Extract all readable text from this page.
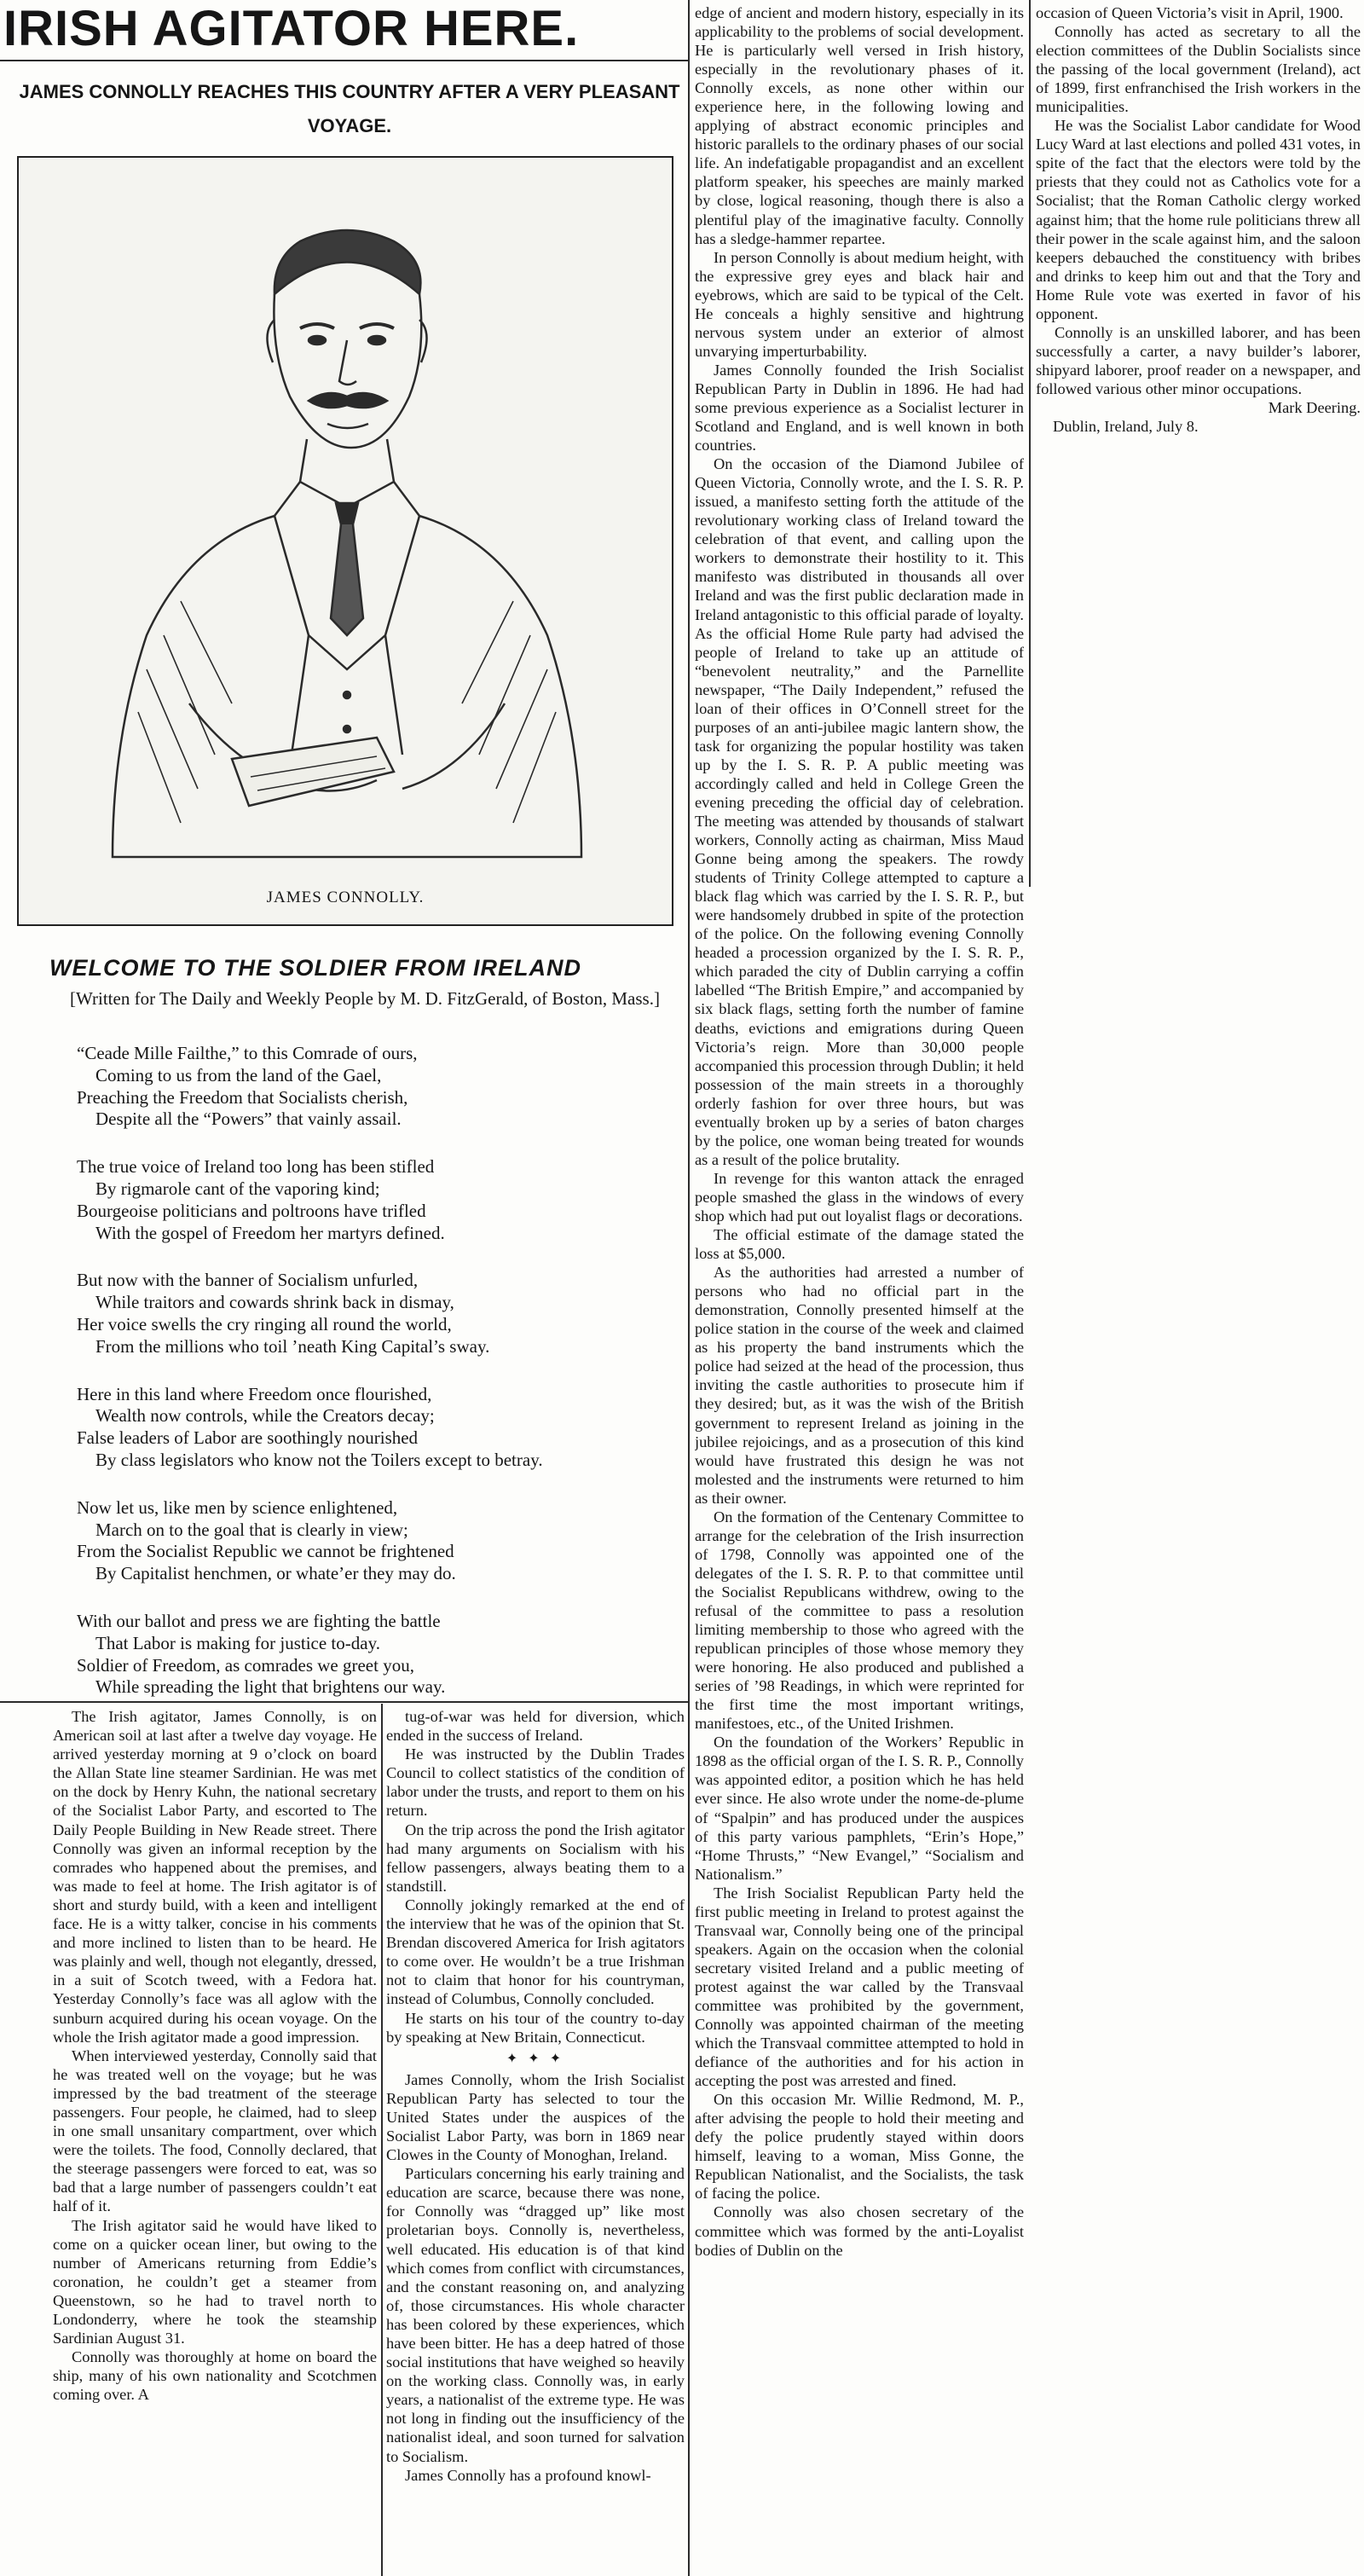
IRISH AGITATOR HERE.
JAMES CONNOLLY REACHES THIS COUNTRY AFTER A VERY PLEASANT VOYAGE.
JAMES CONNOLLY.
WELCOME TO THE SOLDIER FROM IRELAND
[Written for The Daily and Weekly People by M. D. FitzGerald, of Boston, Mass.]
“Ceade Mille Failthe,” to this Comrade of ours,
Coming to us from the land of the Gael,
Preaching the Freedom that Socialists cherish,
Despite all the “Powers” that vainly assail.
The true voice of Ireland too long has been stifled
By rigmarole cant of the vaporing kind;
Bourgeoise politicians and poltroons have trifled
With the gospel of Freedom her martyrs defined.
But now with the banner of Socialism unfurled,
While traitors and cowards shrink back in dismay,
Her voice swells the cry ringing all round the world,
From the millions who toil ’neath King Capital’s sway.
Here in this land where Freedom once flourished,
Wealth now controls, while the Creators decay;
False leaders of Labor are soothingly nourished
By class legislators who know not the Toilers except to betray.
Now let us, like men by science enlightened,
March on to the goal that is clearly in view;
From the Socialist Republic we cannot be frightened
By Capitalist henchmen, or whate’er they may do.
With our ballot and press we are fighting the battle
That Labor is making for justice to-day.
Soldier of Freedom, as comrades we greet you,
While spreading the light that brightens our way.

The Irish agitator, James Connolly, is on American soil at last after a twelve day voyage. He arrived yesterday morning at 9 o’clock on board the Allan State line steamer Sardinian. He was met on the dock by Henry Kuhn, the national secretary of the Socialist Labor Party, and escorted to The Daily People Building in New Reade street. There Connolly was given an informal reception by the comrades who happened about the premises, and was made to feel at home. The Irish agitator is of short and sturdy build, with a keen and intelligent face. He is a witty talker, concise in his comments and more inclined to listen than to be heard. He was plainly and well, though not elegantly, dressed, in a suit of Scotch tweed, with a Fedora hat. Yesterday Connolly’s face was all aglow with the sunburn acquired during his ocean voyage. On the whole the Irish agitator made a good impression.

When interviewed yesterday, Connolly said that he was treated well on the voyage; but he was impressed by the bad treatment of the steerage passengers. Four people, he claimed, had to sleep in one small unsanitary compartment, over which were the toilets. The food, Connolly declared, that the steerage passengers were forced to eat, was so bad that a large number of passengers couldn’t eat half of it.

The Irish agitator said he would have liked to come on a quicker ocean liner, but owing to the number of Americans returning from Eddie’s coronation, he couldn’t get a steamer from Queenstown, so he had to travel north to Londonderry, where he took the steamship Sardinian August 31.

Connolly was thoroughly at home on board the ship, many of his own nationality and Scotchmen coming over. A

tug-of-war was held for diversion, which ended in the success of Ireland.

He was instructed by the Dublin Trades Council to collect statistics of the condition of labor under the trusts, and report to them on his return.

On the trip across the pond the Irish agitator had many arguments on Socialism with his fellow passengers, always beating them to a standstill.

Connolly jokingly remarked at the end of the interview that he was of the opinion that St. Brendan discovered America for Irish agitators to come over. He wouldn’t be a true Irishman not to claim that honor for his countryman, instead of Columbus, Connolly concluded.

He starts on his tour of the country to-day by speaking at New Britain, Connecticut.

✦ ✦ ✦

James Connolly, whom the Irish Socialist Republican Party has selected to tour the United States under the auspices of the Socialist Labor Party, was born in 1869 near Clowes in the County of Monoghan, Ireland.

Particulars concerning his early training and education are scarce, because there was none, for Connolly was “dragged up” like most proletarian boys. Connolly is, nevertheless, well educated. His education is of that kind which comes from conflict with circumstances, and the constant reasoning on, and analyzing of, those circumstances. His whole character has been colored by these experiences, which have been bitter. He has a deep hatred of those social institutions that have weighed so heavily on the working class. Connolly was, in early years, a nationalist of the extreme type. He was not long in finding out the insufficiency of the nationalist ideal, and soon turned for salvation to Socialism.

James Connolly has a profound knowl-

edge of ancient and modern history, especially in its applicability to the problems of social development. He is particularly well versed in Irish history, especially in the revolutionary phases of it. Connolly excels, as none other within our experience here, in the following lowing and applying of abstract economic principles and historic parallels to the ordinary phases of our social life. An indefatigable propagandist and an excellent platform speaker, his speeches are mainly marked by close, logical reasoning, though there is also a plentiful play of the imaginative faculty. Connolly has a sledge-hammer repartee.

In person Connolly is about medium height, with the expressive grey eyes and black hair and eyebrows, which are said to be typical of the Celt. He conceals a highly sensitive and hightrung nervous system under an exterior of almost unvarying imperturbability.

James Connolly founded the Irish Socialist Republican Party in Dublin in 1896. He had had some previous experience as a Socialist lecturer in Scotland and England, and is well known in both countries.

On the occasion of the Diamond Jubilee of Queen Victoria, Connolly wrote, and the I. S. R. P. issued, a manifesto setting forth the attitude of the revolutionary working class of Ireland toward the celebration of that event, and calling upon the workers to demonstrate their hostility to it. This manifesto was distributed in thousands all over Ireland and was the first public declaration made in Ireland antagonistic to this official parade of loyalty. As the official Home Rule party had advised the people of Ireland to take up an attitude of “benevolent neutrality,” and the Parnellite newspaper, “The Daily Independent,” refused the loan of their offices in O’Connell street for the purposes of an anti-jubilee magic lantern show, the task for organizing the popular hostility was taken up by the I. S. R. P. A public meeting was accordingly called and held in College Green the evening preceding the official day of celebration. The meeting was attended by thousands of stalwart workers, Connolly acting as chairman, Miss Maud Gonne being among the speakers. The rowdy students of Trinity College attempted to capture a black flag which was carried by the I. S. R. P., but were handsomely drubbed in spite of the protection of the police. On the following evening Connolly headed a procession organized by the I. S. R. P., which paraded the city of Dublin carrying a coffin labelled “The British Empire,” and accompanied by six black flags, setting forth the number of famine deaths, evictions and emigrations during Queen Victoria’s reign. More than 30,000 people accompanied this procession through Dublin; it held possession of the main streets in a thoroughly orderly fashion for over three hours, but was eventually broken up by a series of baton charges by the police, one woman being treated for wounds as a result of the police brutality.

In revenge for this wanton attack the enraged people smashed the glass in the windows of every shop which had put out loyalist flags or decorations.

The official estimate of the damage stated the loss at $5,000.

As the authorities had arrested a number of persons who had no official part in the demonstration, Connolly presented himself at the police station in the course of the week and claimed as his property the band instruments which the police had seized at the head of the procession, thus inviting the castle authorities to prosecute him if they desired; but, as it was the wish of the British government to represent Ireland as joining in the jubilee rejoicings, and as a prosecution of this kind would have frustrated this design he was not molested and the instruments were returned to him as their owner.

On the formation of the Centenary Committee to arrange for the celebration of the Irish insurrection of 1798, Connolly was appointed one of the delegates of the I. S. R. P. to that committee until the Socialist Republicans withdrew, owing to the refusal of the committee to pass a resolution limiting membership to those who agreed with the republican principles of those whose memory they were honoring. He also produced and published a series of ’98 Readings, in which were reprinted for the first time the most important writings, manifestoes, etc., of the United Irishmen.

On the foundation of the Workers’ Republic in 1898 as the official organ of the I. S. R. P., Connolly was appointed editor, a position which he has held ever since. He also wrote under the nome-de-plume of “Spalpin” and has produced under the auspices of this party various pamphlets, “Erin’s Hope,” “Home Thrusts,” “New Evangel,” “Socialism and Nationalism.”

The Irish Socialist Republican Party held the first public meeting in Ireland to protest against the Transvaal war, Connolly being one of the principal speakers. Again on the occasion when the colonial secretary visited Ireland and a public meeting of protest against the war called by the Transvaal committee was prohibited by the government, Connolly was appointed chairman of the meeting which the Transvaal committee attempted to hold in defiance of the authorities and for his action in accepting the post was arrested and fined.

On this occasion Mr. Willie Redmond, M. P., after advising the people to hold their meeting and defy the police prudently stayed within doors himself, leaving to a woman, Miss Gonne, the Republican Nationalist, and the Socialists, the task of facing the police.

Connolly was also chosen secretary of the committee which was formed by the anti-Loyalist bodies of Dublin on the

occasion of Queen Victoria’s visit in April, 1900.

Connolly has acted as secretary to all the election committees of the Dublin Socialists since the passing of the local government (Ireland), act of 1899, first enfranchised the Irish workers in the municipalities.

He was the Socialist Labor candidate for Wood Lucy Ward at last elections and polled 431 votes, in spite of the fact that the electors were told by the priests that they could not as Catholics vote for a Socialist; that the Roman Catholic clergy worked against him; that the home rule politicians threw all their power in the scale against him, and the saloon keepers debauched the constituency with bribes and drinks to keep him out and that the Tory and Home Rule vote was exerted in favor of his opponent.

Connolly is an unskilled laborer, and has been successfully a carter, a navy builder’s laborer, shipyard laborer, proof reader on a newspaper, and followed various other minor occupations.

Mark Deering.
Dublin, Ireland, July 8.
